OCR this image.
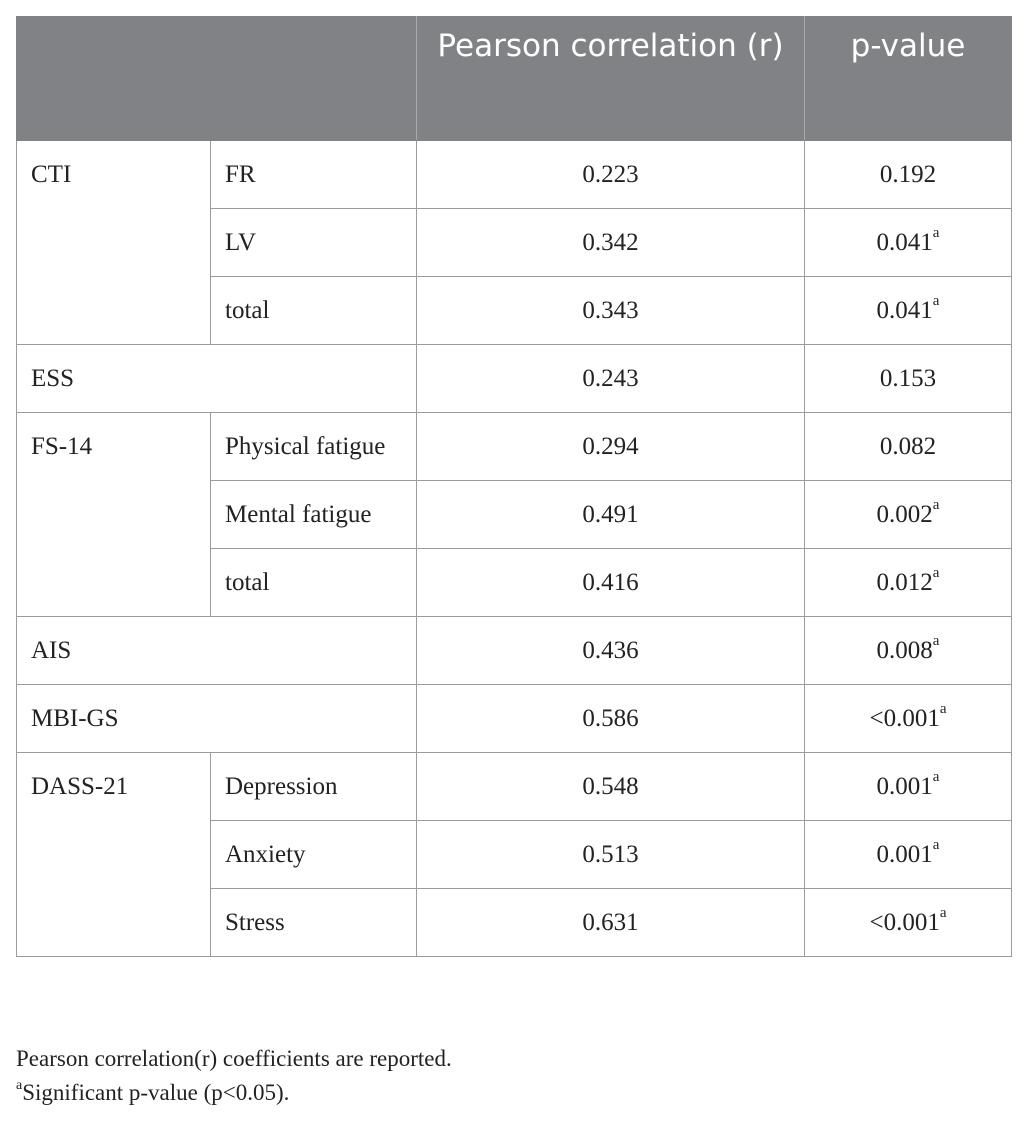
		Pearson correlation (r)	p-value
CTI	FR	0.223	0.192
	LV	0.342	0.041$^a$
	total	0.343	0.041$^a$
ESS		0.243	0.153
FS-14	Physical fatigue	0.294	0.082
	Mental fatigue	0.491	0.002$^a$
	total	0.416	0.012$^a$
AIS		0.436	0.008$^a$
MBI-GS		0.586	<0.001$^a$
DASS-21	Depression	0.548	0.001$^a$
	Anxiety	0.513	0.001$^a$
	Stress	0.631	<0.001$^a$
Pearson correlation(r) coefficients are reported.
$^a$Significant p-value (p<0.05).
